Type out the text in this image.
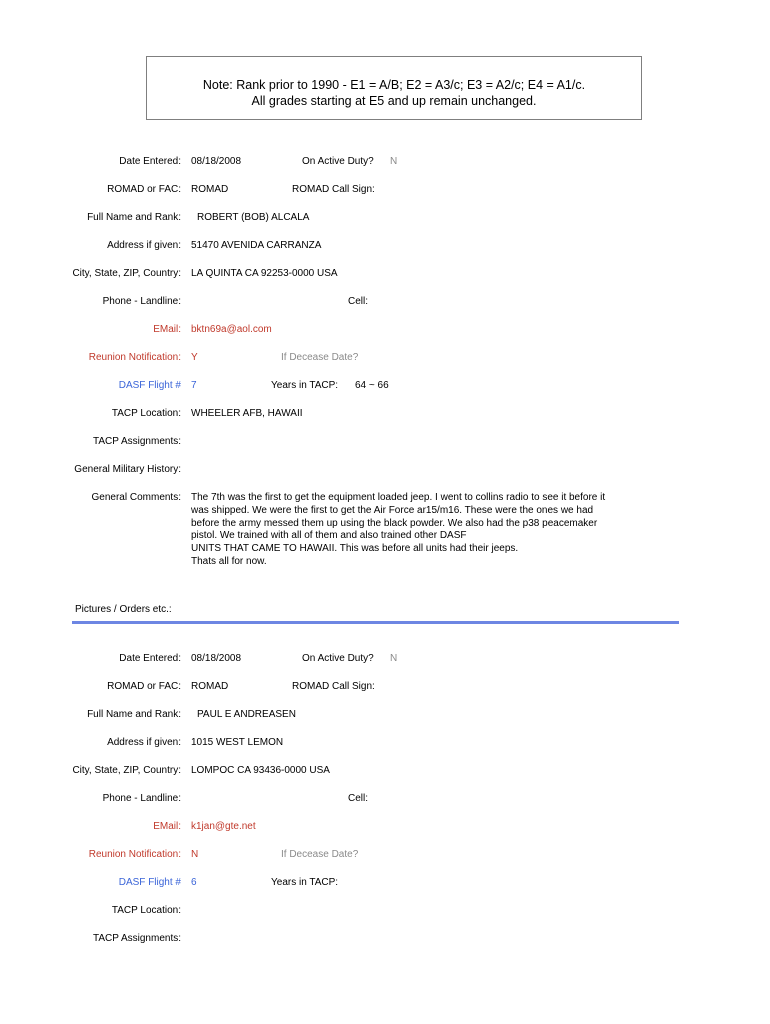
Note: Rank prior to 1990 - E1 = A/B; E2 = A3/c; E3 = A2/c; E4 = A1/c.
All grades starting at E5 and up remain unchanged.
Date Entered: 08/18/2008	On Active Duty? N
ROMAD or FAC: ROMAD	ROMAD Call Sign:
Full Name and Rank: ROBERT (BOB) ALCALA
Address if given: 51470 AVENIDA CARRANZA
City, State, ZIP, Country: LA QUINTA CA 92253-0000 USA
Phone - Landline:	Cell:
EMail: bktn69a@aol.com
Reunion Notification: Y	If Decease Date?
DASF Flight # 7	Years in TACP: 64 ~ 66
TACP Location: WHEELER AFB, HAWAII
TACP Assignments:
General Military History:
General Comments: The 7th was the first to get the equipment loaded jeep. I went to collins radio to see it before it
was shipped. We were the first to get the Air Force ar15/m16. These were the ones we had
before the army messed them up using the black powder. We also had the p38 peacemaker
pistol. We trained with all of them and also trained other DASF
UNITS THAT CAME TO HAWAII. This was before all units had their jeeps.
Thats all for now.
Pictures / Orders etc.:
Date Entered: 08/18/2008	On Active Duty? N
ROMAD or FAC: ROMAD	ROMAD Call Sign:
Full Name and Rank: PAUL E ANDREASEN
Address if given: 1015 WEST LEMON
City, State, ZIP, Country: LOMPOC CA 93436-0000 USA
Phone - Landline:	Cell:
EMail: k1jan@gte.net
Reunion Notification: N	If Decease Date?
DASF Flight # 6	Years in TACP:
TACP Location:
TACP Assignments:
